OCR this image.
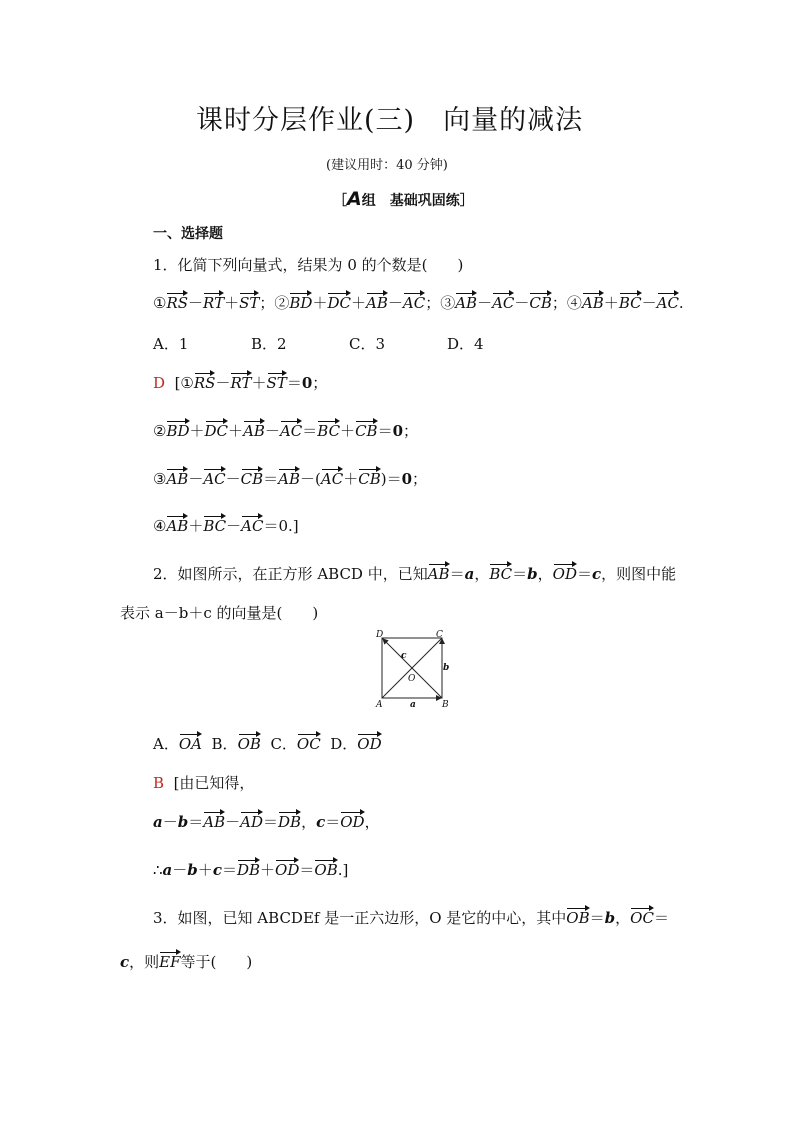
课时分层作业(三)　向量的减法
(建议用时：40 分钟)
［A组　基础巩固练］
一、选择题
1．化简下列向量式，结果为 0 的个数是(　　)
①RS－RT＋ST；②BD＋DC＋AB－AC；③AB－AC－CB；④AB＋BC－AC.
A．1	B．2	C．3	D．4
D  [①RS－RT＋ST＝0；
②BD＋DC＋AB－AC＝BC＋CB＝0；
③AB－AC－CB＝AB－(AC＋CB)＝0；
④AB＋BC－AC＝0.]
2．如图所示，在正方形 ABCD 中，已知AB＝a，BC＝b，OD＝c，则图中能
表示 a－b＋c 的向量是(　　)
D	C
c
b
O
A	a	B
A．OA B．OB C．OC D．OD
B [由已知得，
a－b＝AB－AD＝DB，c＝OD，
∴a－b＋c＝DB＋OD＝OB.]
3．如图，已知 ABCDEf 是一正六边形，O 是它的中心，其中OB＝b，OC＝
c，则EF等于(　　)
